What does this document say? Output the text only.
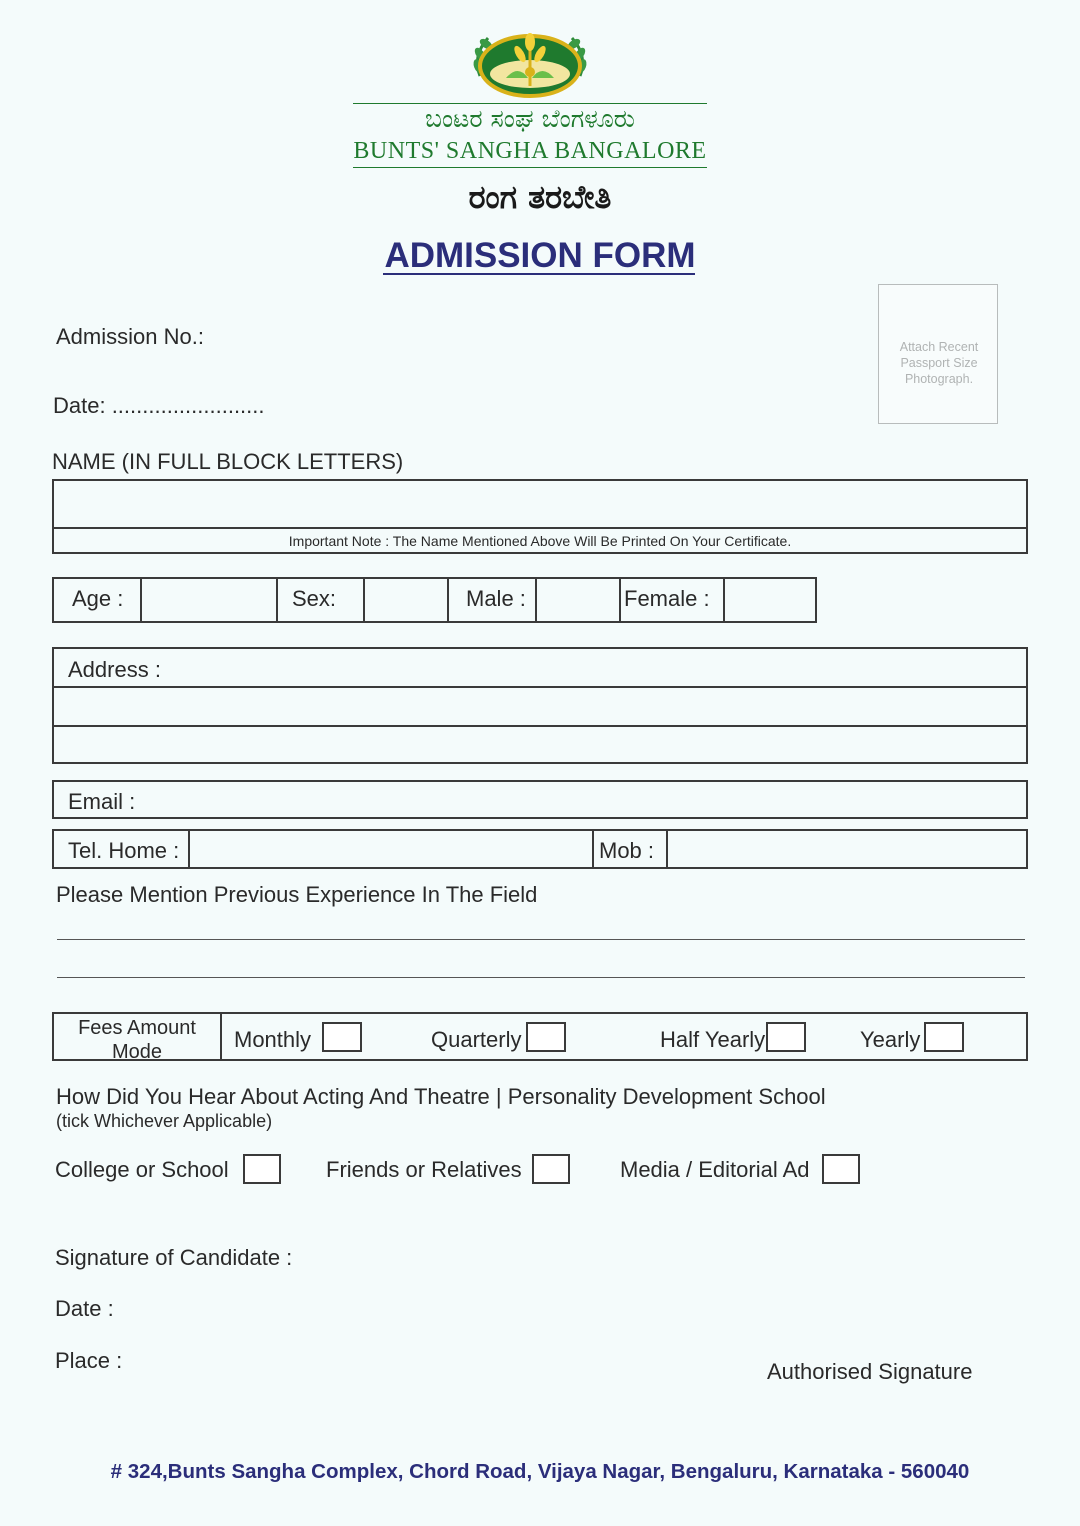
ಬಂಟರ ಸಂಘ ಬೆಂಗಳೂರು
BUNTS' SANGHA BANGALORE
ರಂಗ ತರಬೇತಿ
ADMISSION FORM
Attach Recent Passport Size Photograph.
Admission No.:
Date: .........................
NAME (IN FULL BLOCK LETTERS)
Important Note : The Name Mentioned Above Will Be Printed On Your Certificate.
Age :	Sex:	Male :	Female :
Address :
Email :
Tel. Home :	Mob :
Please Mention Previous Experience In The Field
Fees Amount
Mode	Monthly	Quarterly	Half Yearly	Yearly
How Did You Hear About Acting And Theatre | Personality Development School
(tick Whichever Applicable)
College or School	Friends or Relatives	Media / Editorial Ad
Signature of Candidate :
Date :
Place :	Authorised Signature
# 324,Bunts Sangha Complex, Chord Road, Vijaya Nagar, Bengaluru, Karnataka - 560040
